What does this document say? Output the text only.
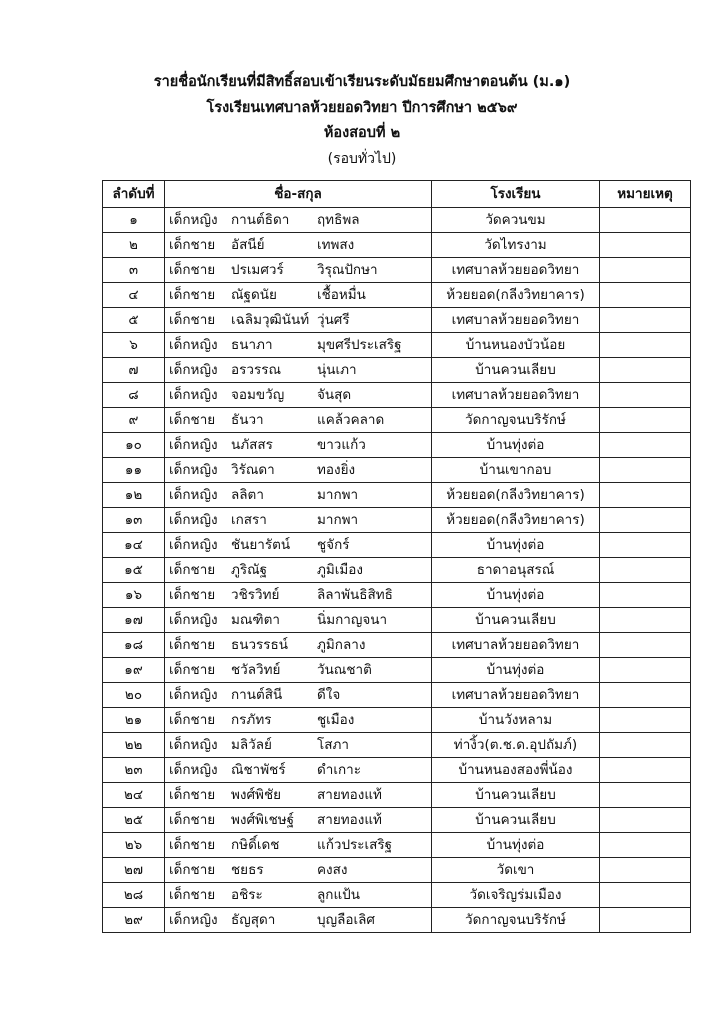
รายชื่อนักเรียนที่มีสิทธิ์สอบเข้าเรียนระดับมัธยมศึกษาตอนต้น (ม.๑)
โรงเรียนเทศบาลห้วยยอดวิทยา ปีการศึกษา ๒๕๖๙
ห้องสอบที่ ๒
(รอบทั่วไป)
ลำดับที่	ชื่อ-สกุล	โรงเรียน	หมายเหตุ
๑	เด็กหญิง กานต์ธิดา ฤทธิพล	วัดควนขม	
๒	เด็กชาย อัสนีย์ เทพสง	วัดไทรงาม	
๓	เด็กชาย ปรเมศวร์ วิรุณปักษา	เทศบาลห้วยยอดวิทยา	
๔	เด็กชาย ณัฐดนัย เชื้อหมื่น	ห้วยยอด(กลีงวิทยาคาร)	
๕	เด็กชาย เฉลิมวุฒินันท์ วุ่นศรี	เทศบาลห้วยยอดวิทยา	
๖	เด็กหญิง ธนาภา มุขศรีประเสริฐ	บ้านหนองบัวน้อย	
๗	เด็กหญิง อรวรรณ นุ่นเภา	บ้านควนเลียบ	
๘	เด็กหญิง จอมขวัญ จันสุด	เทศบาลห้วยยอดวิทยา	
๙	เด็กชาย ธันวา แคล้วคลาด	วัดกาญจนบริรักษ์	
๑๐	เด็กหญิง นภัสสร ขาวแก้ว	บ้านทุ่งต่อ	
๑๑	เด็กหญิง วิรัณดา ทองยิ่ง	บ้านเขากอบ	
๑๒	เด็กหญิง ลลิตา มากพา	ห้วยยอด(กลีงวิทยาคาร)	
๑๓	เด็กหญิง เกสรา มากพา	ห้วยยอด(กลีงวิทยาคาร)	
๑๔	เด็กหญิง ชันยารัตน์ ชูจักร์	บ้านทุ่งต่อ	
๑๕	เด็กชาย ภูริณัฐ ภูมิเมือง	ธาดาอนุสรณ์	
๑๖	เด็กชาย วชิรวิทย์ ลิลาพันธิสิทธิ	บ้านทุ่งต่อ	
๑๗	เด็กหญิง มณฑิตา นิ่มกาญจนา	บ้านควนเลียบ	
๑๘	เด็กชาย ธนวรรธน์ ภูมิกลาง	เทศบาลห้วยยอดวิทยา	
๑๙	เด็กชาย ชวัลวิทย์ วันณชาติ	บ้านทุ่งต่อ	
๒๐	เด็กหญิง กานต์สินี ดีใจ	เทศบาลห้วยยอดวิทยา	
๒๑	เด็กชาย กรภัทร ชูเมือง	บ้านวังหลาม	
๒๒	เด็กหญิง มลิวัลย์ โสภา	ท่างิ้ว(ต.ช.ด.อุปถัมภ์)	
๒๓	เด็กหญิง ณิชาพัชร์ ดำเกาะ	บ้านหนองสองพี่น้อง	
๒๔	เด็กชาย พงศ์พิชัย สายทองแท้	บ้านควนเลียบ	
๒๕	เด็กชาย พงศ์พิเชษฐ์ สายทองแท้	บ้านควนเลียบ	
๒๖	เด็กชาย กษิดิ์เดช แก้วประเสริฐ	บ้านทุ่งต่อ	
๒๗	เด็กชาย ชยธร คงสง	วัดเขา	
๒๘	เด็กชาย อชิระ ลูกแป้น	วัดเจริญร่มเมือง	
๒๙	เด็กหญิง ธัญสุดา บุญลือเลิศ	วัดกาญจนบริรักษ์	
